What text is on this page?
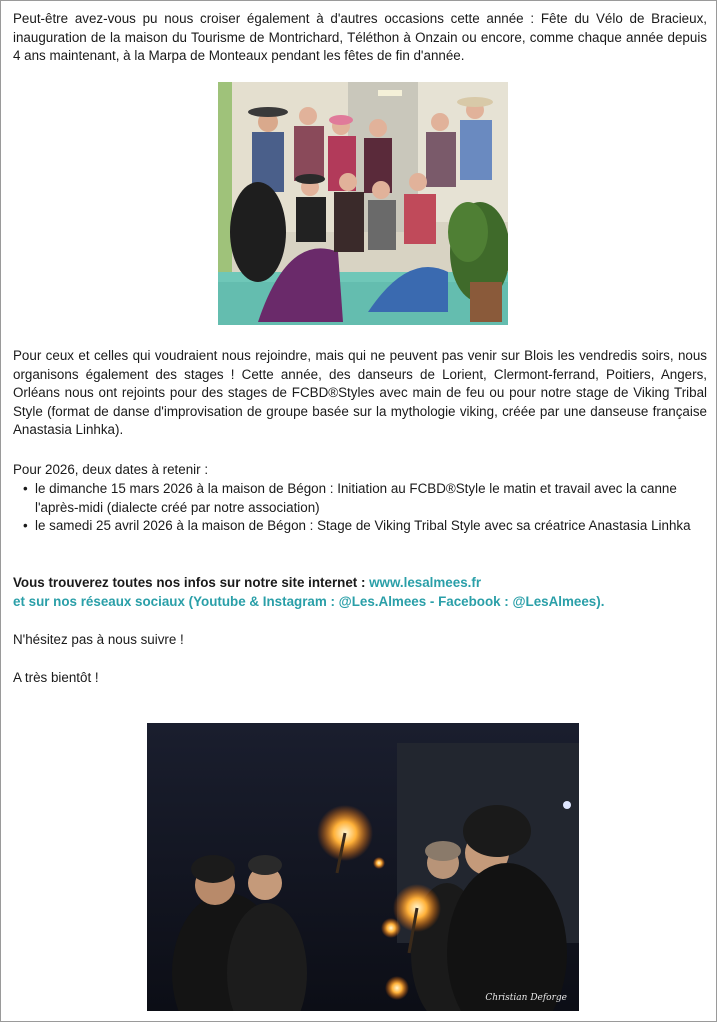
Peut-être avez-vous pu nous croiser également à d'autres occasions cette année : Fête du Vélo de Bracieux, inauguration de la maison du Tourisme de Montrichard, Téléthon à Onzain ou encore, comme chaque année depuis 4 ans maintenant, à la Marpa de Monteaux pendant les fêtes de fin d'année.

Pour ceux et celles qui voudraient nous rejoindre, mais qui ne peuvent pas venir sur Blois les vendredis soirs, nous organisons également des stages ! Cette année, des danseurs de Lorient, Clermont-ferrand, Poitiers, Angers, Orléans nous ont rejoints pour des stages de FCBD®Styles avec main de feu ou pour notre stage de Viking Tribal Style (format de danse d'improvisation de groupe basée sur la mythologie viking, créée par une danseuse française Anastasia Linhka).

Pour 2026, deux dates à retenir :

• le dimanche 15 mars 2026 à la maison de Bégon : Initiation au FCBD®Style le matin et travail avec la canne l'après-midi (dialecte créé par notre association)
• le samedi 25 avril 2026 à la maison de Bégon : Stage de Viking Tribal Style avec sa créatrice Anastasia Linhka

Vous trouverez toutes nos infos sur notre site internet : www.lesalmees.fr

et sur nos réseaux sociaux (Youtube & Instagram : @Les.Almees - Facebook : @LesAlmees).

N'hésitez pas à nous suivre !

A très bientôt !

Christian Deforge
